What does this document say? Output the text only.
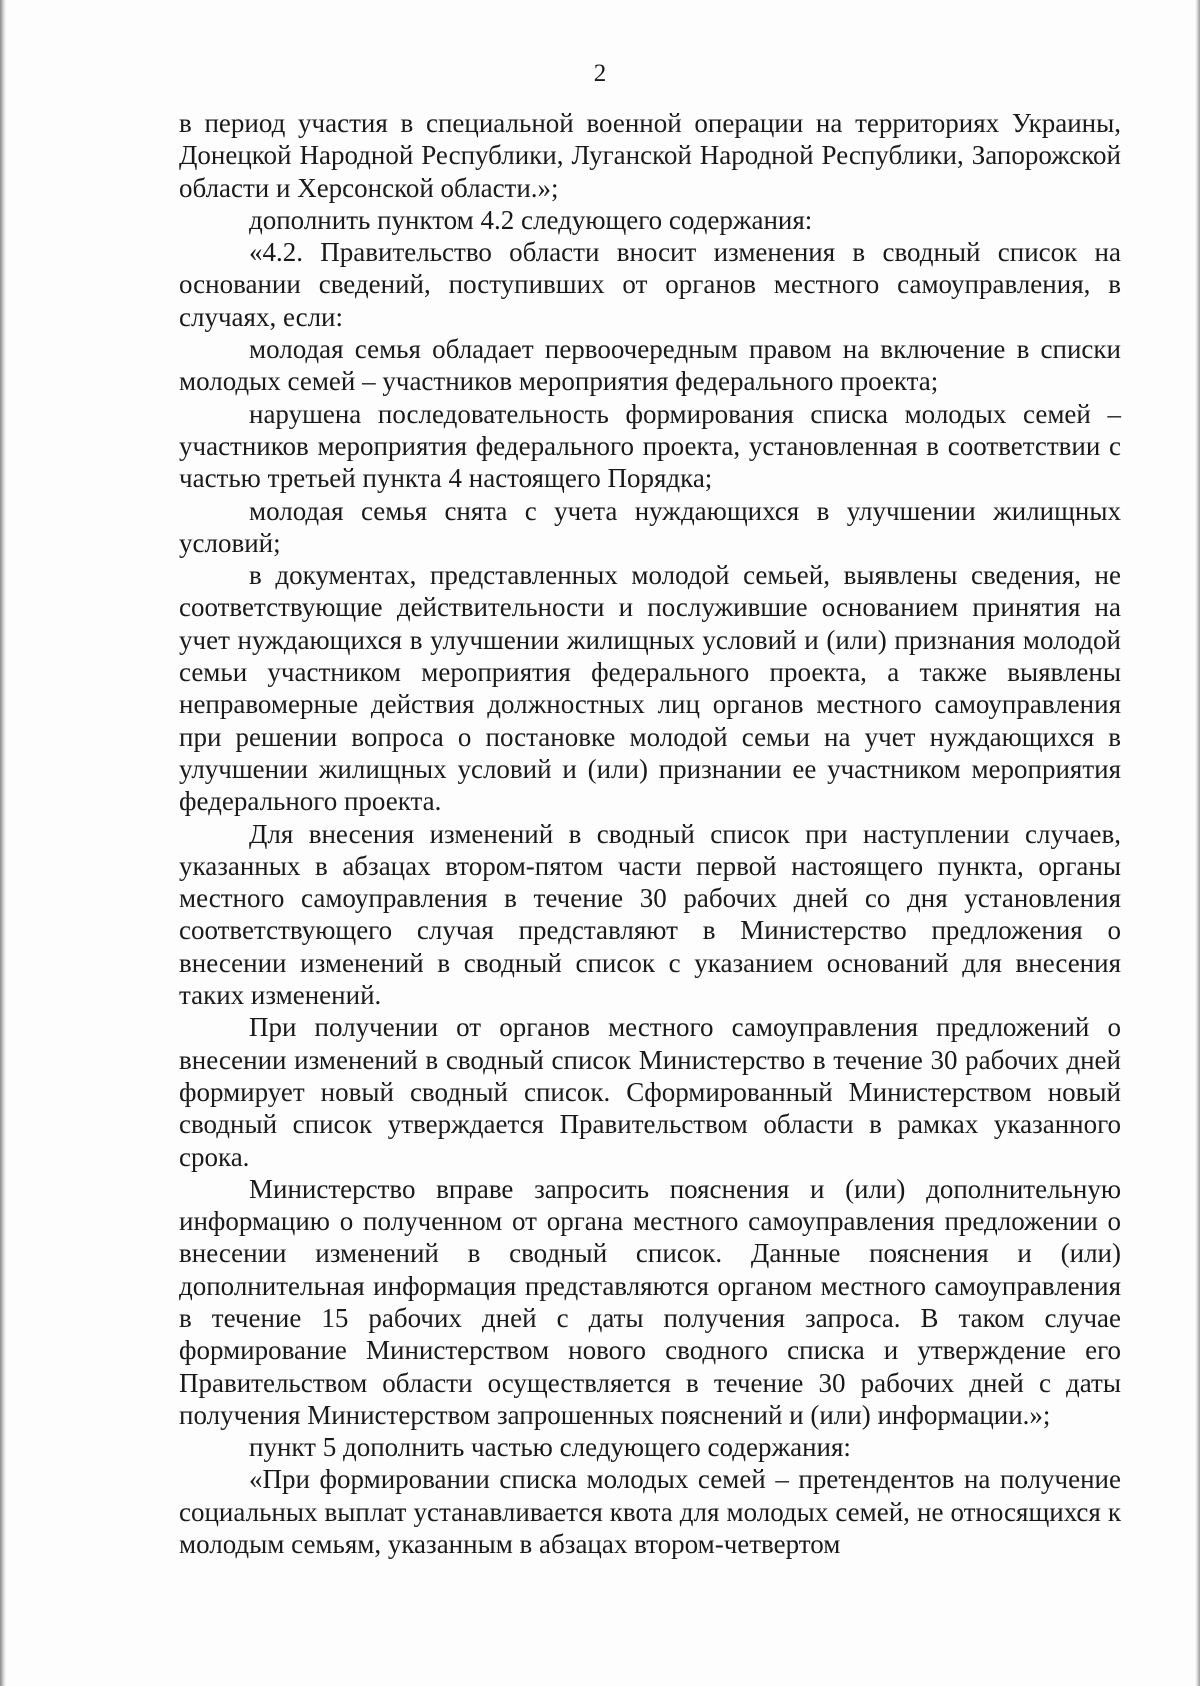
2

в период участия в специальной военной операции на территориях Украины, Донецкой Народной Республики, Луганской Народной Республики, Запорожской области и Херсонской области.»;

дополнить пунктом 4.2 следующего содержания:

«4.2. Правительство области вносит изменения в сводный список на основании сведений, поступивших от органов местного самоуправления, в случаях, если:

молодая семья обладает первоочередным правом на включение в списки молодых семей – участников мероприятия федерального проекта;

нарушена последовательность формирования списка молодых семей – участников мероприятия федерального проекта, установленная в соответствии с частью третьей пункта 4 настоящего Порядка;

молодая семья снята с учета нуждающихся в улучшении жилищных условий;

в документах, представленных молодой семьей, выявлены сведения, не соответствующие действительности и послужившие основанием принятия на учет нуждающихся в улучшении жилищных условий и (или) признания молодой семьи участником мероприятия федерального проекта, а также выявлены неправомерные действия должностных лиц органов местного самоуправления при решении вопроса о постановке молодой семьи на учет нуждающихся в улучшении жилищных условий и (или) признании ее участником мероприятия федерального проекта.

Для внесения изменений в сводный список при наступлении случаев, указанных в абзацах втором-пятом части первой настоящего пункта, органы местного самоуправления в течение 30 рабочих дней со дня установления соответствующего случая представляют в Министерство предложения о внесении изменений в сводный список с указанием оснований для внесения таких изменений.

При получении от органов местного самоуправления предложений о внесении изменений в сводный список Министерство в течение 30 рабочих дней формирует новый сводный список. Сформированный Министерством новый сводный список утверждается Правительством области в рамках указанного срока.

Министерство вправе запросить пояснения и (или) дополнительную информацию о полученном от органа местного самоуправления предложении о внесении изменений в сводный список. Данные пояснения и (или) дополнительная информация представляются органом местного самоуправления в течение 15 рабочих дней с даты получения запроса. В таком случае формирование Министерством нового сводного списка и утверждение его Правительством области осуществляется в течение 30 рабочих дней с даты получения Министерством запрошенных пояснений и (или) информации.»;

пункт 5 дополнить частью следующего содержания:

«При формировании списка молодых семей – претендентов на получение социальных выплат устанавливается квота для молодых семей, не относящихся к молодым семьям, указанным в абзацах втором-четвертом
